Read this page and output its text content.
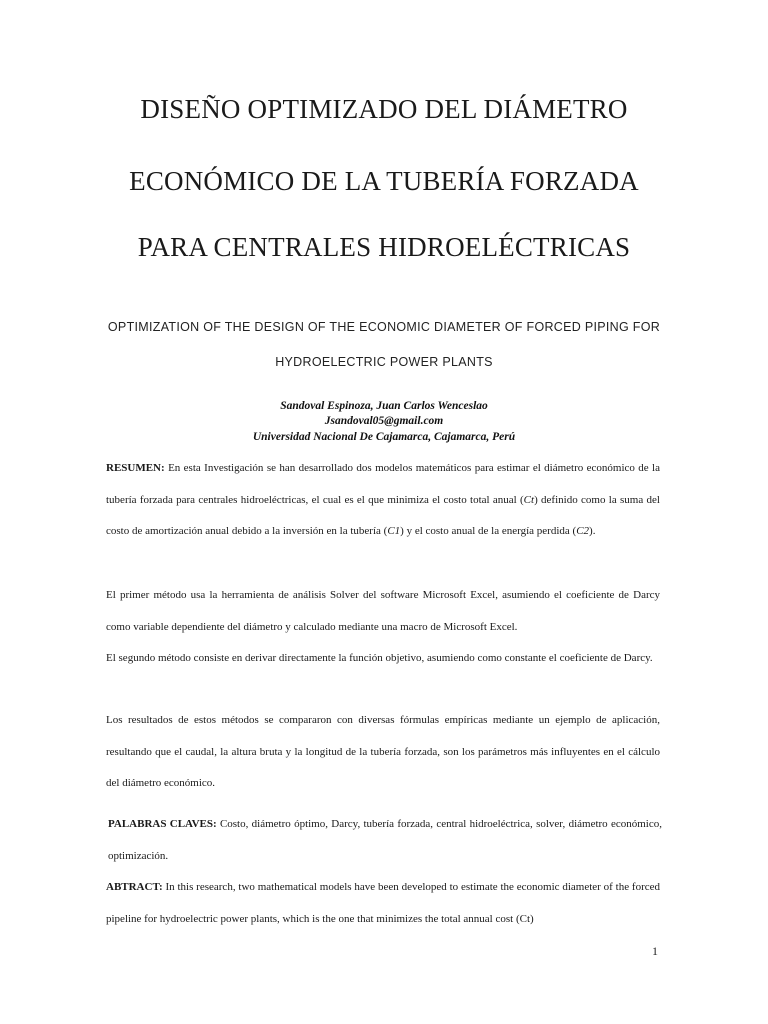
DISEÑO OPTIMIZADO DEL DIÁMETRO
ECONÓMICO DE LA TUBERÍA FORZADA
PARA CENTRALES HIDROELÉCTRICAS
OPTIMIZATION OF THE DESIGN OF THE ECONOMIC DIAMETER OF FORCED PIPING FOR
HYDROELECTRIC POWER PLANTS
Sandoval Espinoza, Juan Carlos Wenceslao
Jsandoval05@gmail.com
Universidad Nacional De Cajamarca, Cajamarca, Perú
RESUMEN: En esta Investigación se han desarrollado dos modelos matemáticos para estimar el diámetro económico de la tubería forzada para centrales hidroeléctricas, el cual es el que minimiza el costo total anual (Ct) definido como la suma del costo de amortización anual debido a la inversión en la tubería (C1) y el costo anual de la energía perdida (C2).
El primer método usa la herramienta de análisis Solver del software Microsoft Excel, asumiendo el coeficiente de Darcy como variable dependiente del diámetro y calculado mediante una macro de Microsoft Excel.
El segundo método consiste en derivar directamente la función objetivo, asumiendo como constante el coeficiente de Darcy.
Los resultados de estos métodos se compararon con diversas fórmulas empíricas mediante un ejemplo de aplicación, resultando que el caudal, la altura bruta y la longitud de la tubería forzada, son los parámetros más influyentes en el cálculo del diámetro económico.
PALABRAS CLAVES: Costo, diámetro óptimo, Darcy, tubería forzada, central hidroeléctrica, solver, diámetro económico, optimización.
ABTRACT: In this research, two mathematical models have been developed to estimate the economic diameter of the forced pipeline for hydroelectric power plants, which is the one that minimizes the total annual cost (Ct)
1
